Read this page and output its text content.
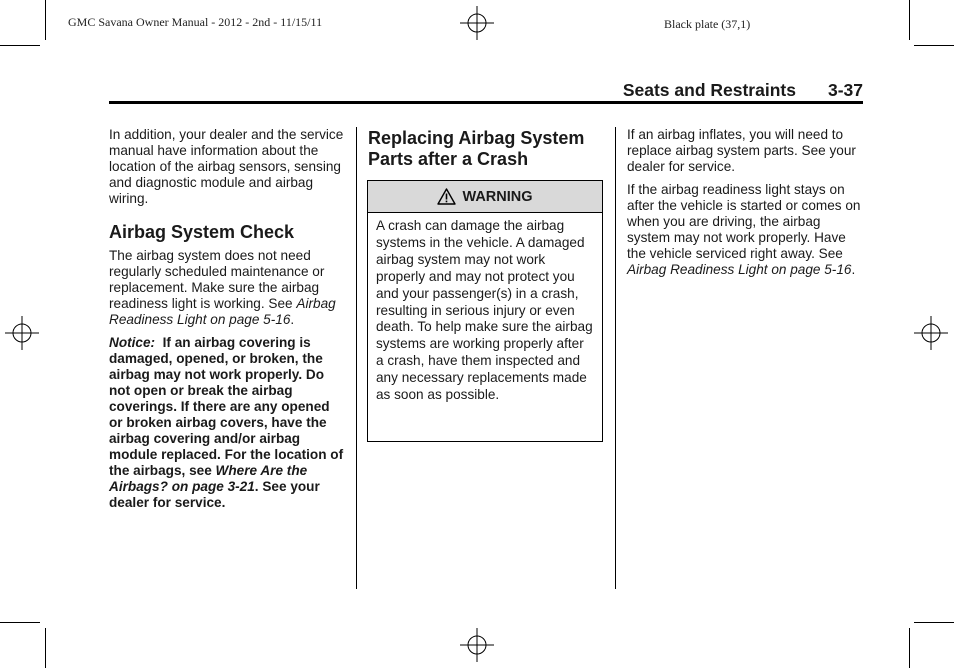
GMC Savana Owner Manual - 2012 - 2nd - 11/15/11	Black plate (37,1)
Seats and Restraints 3-37

In addition, your dealer and the service manual have information about the location of the airbag sensors, sensing and diagnostic module and airbag wiring.

Airbag System Check

The airbag system does not need regularly scheduled maintenance or replacement. Make sure the airbag readiness light is working. See Airbag Readiness Light on page 5-16.

Notice: If an airbag covering is damaged, opened, or broken, the airbag may not work properly. Do not open or break the airbag coverings. If there are any opened or broken airbag covers, have the airbag covering and/or airbag module replaced. For the location of the airbags, see Where Are the Airbags? on page 3-21. See your dealer for service.

Replacing Airbag System Parts after a Crash
WARNING
A crash can damage the airbag systems in the vehicle. A damaged airbag system may not work properly and may not protect you and your passenger(s) in a crash, resulting in serious injury or even death. To help make sure the airbag systems are working properly after a crash, have them inspected and any necessary replacements made as soon as possible.

If an airbag inflates, you will need to replace airbag system parts. See your dealer for service.

If the airbag readiness light stays on after the vehicle is started or comes on when you are driving, the airbag system may not work properly. Have the vehicle serviced right away. See Airbag Readiness Light on page 5-16.
